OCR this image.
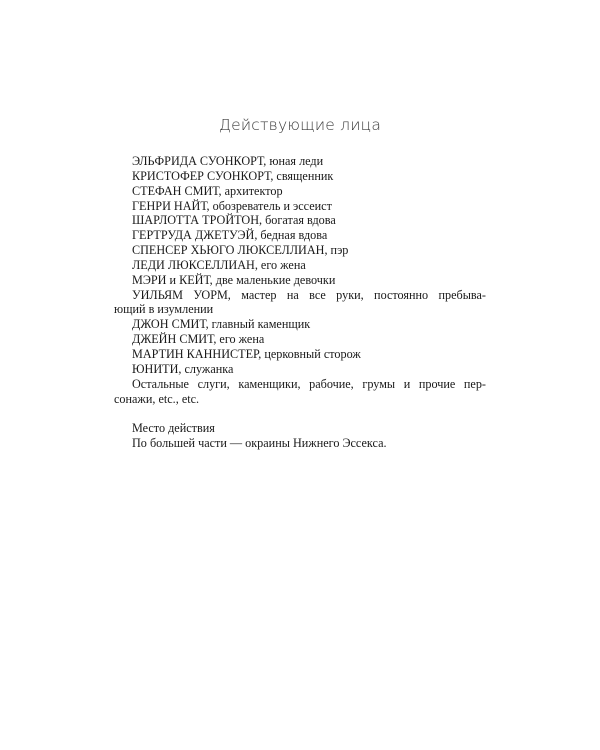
Действующие лица

ЭЛЬФРИДА СУОНКОРТ, юная леди

КРИСТОФЕР СУОНКОРТ, священник

СТЕФАН СМИТ, архитектор

ГЕНРИ НАЙТ, обозреватель и эссеист

ШАРЛОТТА ТРОЙТОН, богатая вдова

ГЕРТРУДА ДЖЕТУЭЙ, бедная вдова

СПЕНСЕР ХЬЮГО ЛЮКСЕЛЛИАН, пэр

ЛЕДИ ЛЮКСЕЛЛИАН, его жена

МЭРИ и КЕЙТ, две маленькие девочки

УИЛЬЯМ УОРМ, мастер на все руки, постоянно пребыва-

ющий в изумлении

ДЖОН СМИТ, главный каменщик

ДЖЕЙН СМИТ, его жена

МАРТИН КАННИСТЕР, церковный сторож

ЮНИТИ, служанка

Остальные слуги, каменщики, рабочие, грумы и прочие пер-

сонажи, etc., etc.

Место действия

По большей части — окраины Нижнего Эссекса.
